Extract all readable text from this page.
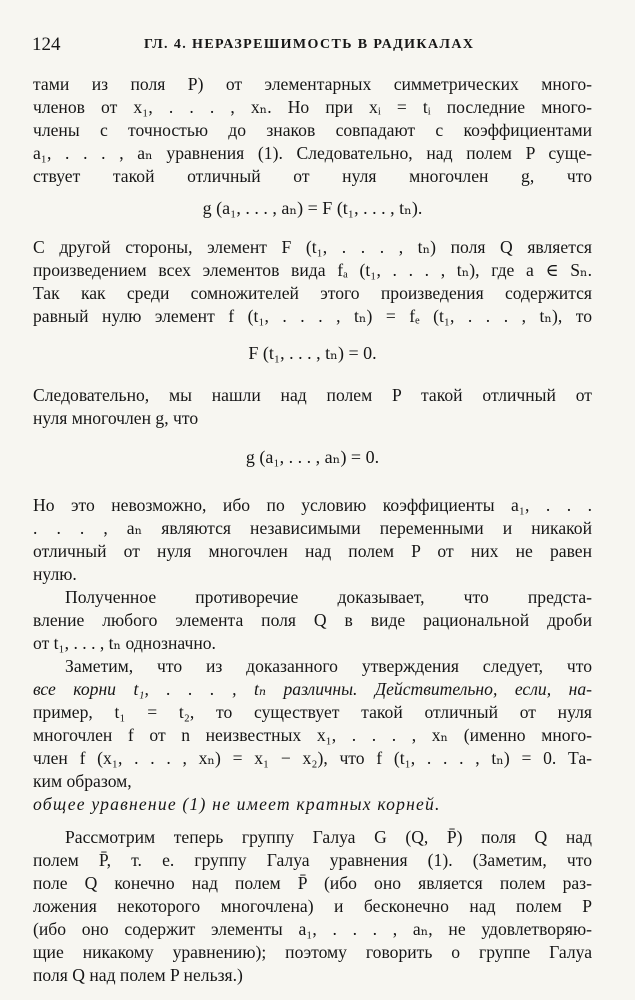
124	ГЛ. 4. НЕРАЗРЕШИМОСТЬ В РАДИКАЛАХ
тами из поля P) от элементарных симметрических много-
членов от x₁, . . . , xₙ. Но при xᵢ = tᵢ последние много-
члены с точностью до знаков совпадают с коэффициентами
a₁, . . . , aₙ уравнения (1). Следовательно, над полем P суще-
ствует такой отличный от нуля многочлен g, что
g (a₁, . . . , aₙ) = F (t₁, . . . , tₙ).
С другой стороны, элемент F (t₁, . . . , tₙ) поля Q является
произведением всех элементов вида fₐ (t₁, . . . , tₙ), где a ∈ Sₙ.
Так как среди сомножителей этого произведения содержится
равный нулю элемент f (t₁, . . . , tₙ) = fₑ (t₁, . . . , tₙ), то
F (t₁, . . . , tₙ) = 0.
Следовательно, мы нашли над полем P такой отличный от
нуля многочлен g, что
g (a₁, . . . , aₙ) = 0.
Но это невозможно, ибо по условию коэффициенты a₁, . . .
. . . , aₙ являются независимыми переменными и никакой
отличный от нуля многочлен над полем P от них не равен
нулю.
Полученное противоречие доказывает, что предста-
вление любого элемента поля Q в виде рациональной дроби
от t₁, . . . , tₙ однозначно.
Заметим, что из доказанного утверждения следует, что
все корни t₁, . . . , tₙ различны. Действительно, если, на-
пример, t₁ = t₂, то существует такой отличный от нуля
многочлен f от n неизвестных x₁, . . . , xₙ (именно много-
член f (x₁, . . . , xₙ) = x₁ − x₂), что f (t₁, . . . , tₙ) = 0. Та-
ким образом,
общее уравнение (1) не имеет кратных корней.
Рассмотрим теперь группу Галуа G (Q, P̄) поля Q над
полем P̄, т. е. группу Галуа уравнения (1). (Заметим, что
поле Q конечно над полем P̄ (ибо оно является полем раз-
ложения некоторого многочлена) и бесконечно над полем P
(ибо оно содержит элементы a₁, . . . , aₙ, не удовлетворяю-
щие никакому уравнению); поэтому говорить о группе Галуа
поля Q над полем P нельзя.)
